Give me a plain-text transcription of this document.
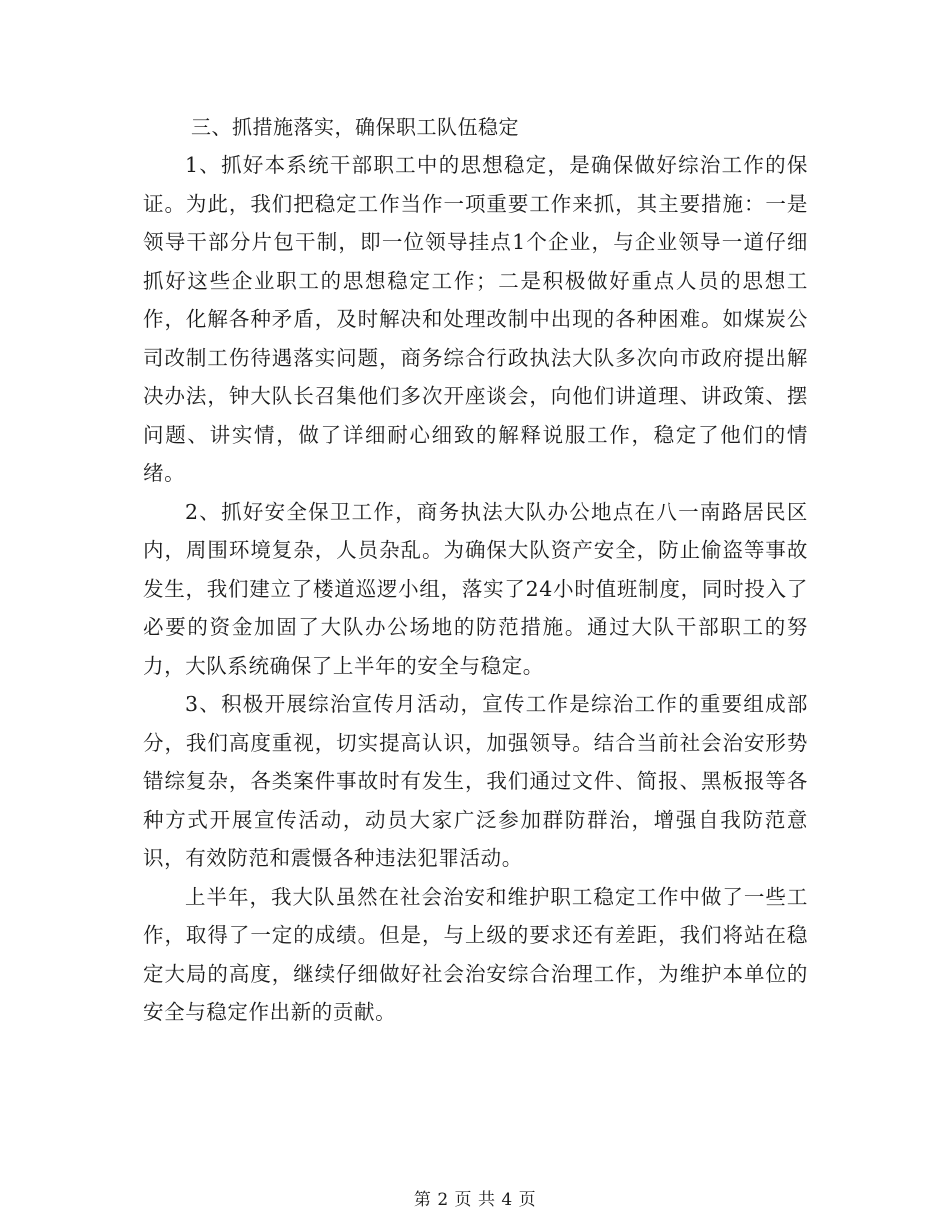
三、抓措施落实，确保职工队伍稳定

1、抓好本系统干部职工中的思想稳定，是确保做好综治工作的保证。为此，我们把稳定工作当作一项重要工作来抓，其主要措施：一是领导干部分片包干制，即一位领导挂点1个企业，与企业领导一道仔细抓好这些企业职工的思想稳定工作；二是积极做好重点人员的思想工作，化解各种矛盾，及时解决和处理改制中出现的各种困难。如煤炭公司改制工伤待遇落实问题，商务综合行政执法大队多次向市政府提出解决办法，钟大队长召集他们多次开座谈会，向他们讲道理、讲政策、摆问题、讲实情，做了详细耐心细致的解释说服工作，稳定了他们的情绪。

2、抓好安全保卫工作，商务执法大队办公地点在八一南路居民区内，周围环境复杂，人员杂乱。为确保大队资产安全，防止偷盗等事故发生，我们建立了楼道巡逻小组，落实了24小时值班制度，同时投入了必要的资金加固了大队办公场地的防范措施。通过大队干部职工的努力，大队系统确保了上半年的安全与稳定。

3、积极开展综治宣传月活动，宣传工作是综治工作的重要组成部分，我们高度重视，切实提高认识，加强领导。结合当前社会治安形势错综复杂，各类案件事故时有发生，我们通过文件、简报、黑板报等各种方式开展宣传活动，动员大家广泛参加群防群治，增强自我防范意识，有效防范和震慑各种违法犯罪活动。

上半年，我大队虽然在社会治安和维护职工稳定工作中做了一些工作，取得了一定的成绩。但是，与上级的要求还有差距，我们将站在稳定大局的高度，继续仔细做好社会治安综合治理工作，为维护本单位的安全与稳定作出新的贡献。

第 2 页 共 4 页
